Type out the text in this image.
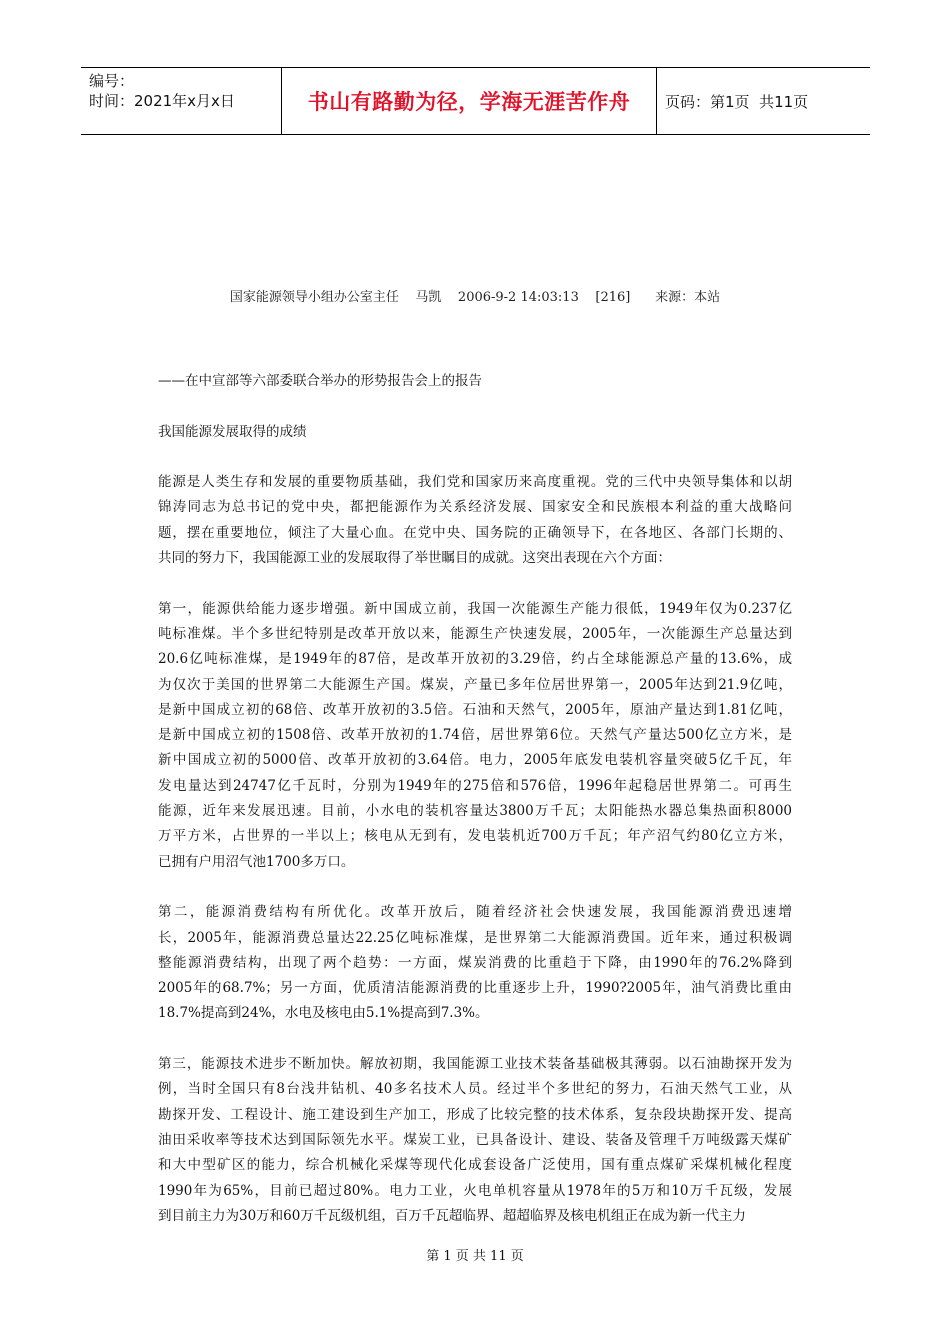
编号：
时间：2021年x月x日	书山有路勤为径，学海无涯苦作舟	页码：第1页  共11页
国家能源领导小组办公室主任    马凯    2006-9-2 14:03:13    [216]      来源：本站

——在中宣部等六部委联合举办的形势报告会上的报告

我国能源发展取得的成绩

能源是人类生存和发展的重要物质基础，我们党和国家历来高度重视。党的三代中央领导集体和以胡
锦涛同志为总书记的党中央，都把能源作为关系经济发展、国家安全和民族根本利益的重大战略问
题，摆在重要地位，倾注了大量心血。在党中央、国务院的正确领导下，在各地区、各部门长期的、
共同的努力下，我国能源工业的发展取得了举世瞩目的成就。这突出表现在六个方面：

第一，能源供给能力逐步增强。新中国成立前，我国一次能源生产能力很低，1949年仅为0.237亿
吨标准煤。半个多世纪特别是改革开放以来，能源生产快速发展，2005年，一次能源生产总量达到
20.6亿吨标准煤，是1949年的87倍，是改革开放初的3.29倍，约占全球能源总产量的13.6%，成
为仅次于美国的世界第二大能源生产国。煤炭，产量已多年位居世界第一，2005年达到21.9亿吨，
是新中国成立初的68倍、改革开放初的3.5倍。石油和天然气，2005年，原油产量达到1.81亿吨，
是新中国成立初的1508倍、改革开放初的1.74倍，居世界第6位。天然气产量达500亿立方米，是
新中国成立初的5000倍、改革开放初的3.64倍。电力，2005年底发电装机容量突破5亿千瓦，年
发电量达到24747亿千瓦时，分别为1949年的275倍和576倍，1996年起稳居世界第二。可再生
能源，近年来发展迅速。目前，小水电的装机容量达3800万千瓦；太阳能热水器总集热面积8000
万平方米，占世界的一半以上；核电从无到有，发电装机近700万千瓦；年产沼气约80亿立方米，
已拥有户用沼气池1700多万口。

第二，能源消费结构有所优化。改革开放后，随着经济社会快速发展，我国能源消费迅速增
长，2005年，能源消费总量达22.25亿吨标准煤，是世界第二大能源消费国。近年来，通过积极调
整能源消费结构，出现了两个趋势：一方面，煤炭消费的比重趋于下降，由1990年的76.2%降到
2005年的68.7%；另一方面，优质清洁能源消费的比重逐步上升，1990?2005年，油气消费比重由
18.7%提高到24%，水电及核电由5.1%提高到7.3%。

第三，能源技术进步不断加快。解放初期，我国能源工业技术装备基础极其薄弱。以石油勘探开发为
例，当时全国只有8台浅井钻机、40多名技术人员。经过半个多世纪的努力，石油天然气工业，从
勘探开发、工程设计、施工建设到生产加工，形成了比较完整的技术体系，复杂段块勘探开发、提高
油田采收率等技术达到国际领先水平。煤炭工业，已具备设计、建设、装备及管理千万吨级露天煤矿
和大中型矿区的能力，综合机械化采煤等现代化成套设备广泛使用，国有重点煤矿采煤机械化程度
1990年为65%，目前已超过80%。电力工业，火电单机容量从1978年的5万和10万千瓦级，发展
到目前主力为30万和60万千瓦级机组，百万千瓦超临界、超超临界及核电机组正在成为新一代主力

第 1 页 共 11 页
